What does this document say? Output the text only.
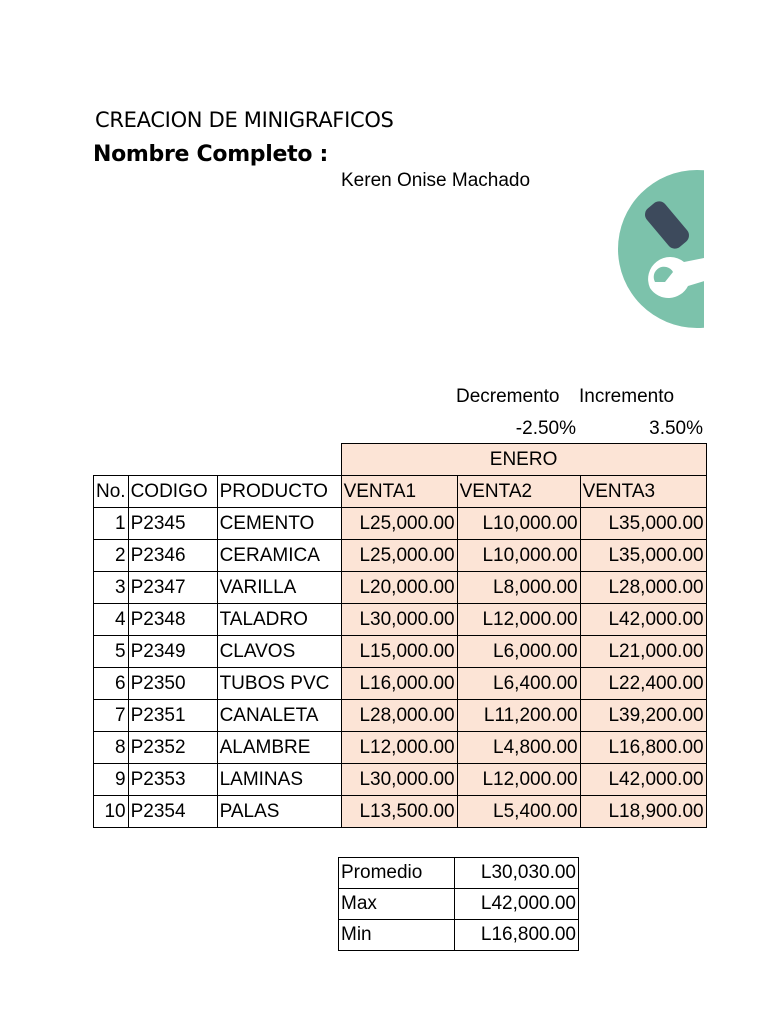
CREACION DE MINIGRAFICOS
Nombre Completo :
Keren Onise Machado
Decremento Incremento
-2.50%	3.50%
			ENERO		
No.	CODIGO	PRODUCTO	VENTA1	VENTA2	VENTA3
1	P2345	CEMENTO	L25,000.00	L10,000.00	L35,000.00
2	P2346	CERAMICA	L25,000.00	L10,000.00	L35,000.00
3	P2347	VARILLA	L20,000.00	L8,000.00	L28,000.00
4	P2348	TALADRO	L30,000.00	L12,000.00	L42,000.00
5	P2349	CLAVOS	L15,000.00	L6,000.00	L21,000.00
6	P2350	TUBOS PVC	L16,000.00	L6,400.00	L22,400.00
7	P2351	CANALETA	L28,000.00	L11,200.00	L39,200.00
8	P2352	ALAMBRE	L12,000.00	L4,800.00	L16,800.00
9	P2353	LAMINAS	L30,000.00	L12,000.00	L42,000.00
10	P2354	PALAS	L13,500.00	L5,400.00	L18,900.00
Promedio	L30,030.00
Max	L42,000.00
Min	L16,800.00
